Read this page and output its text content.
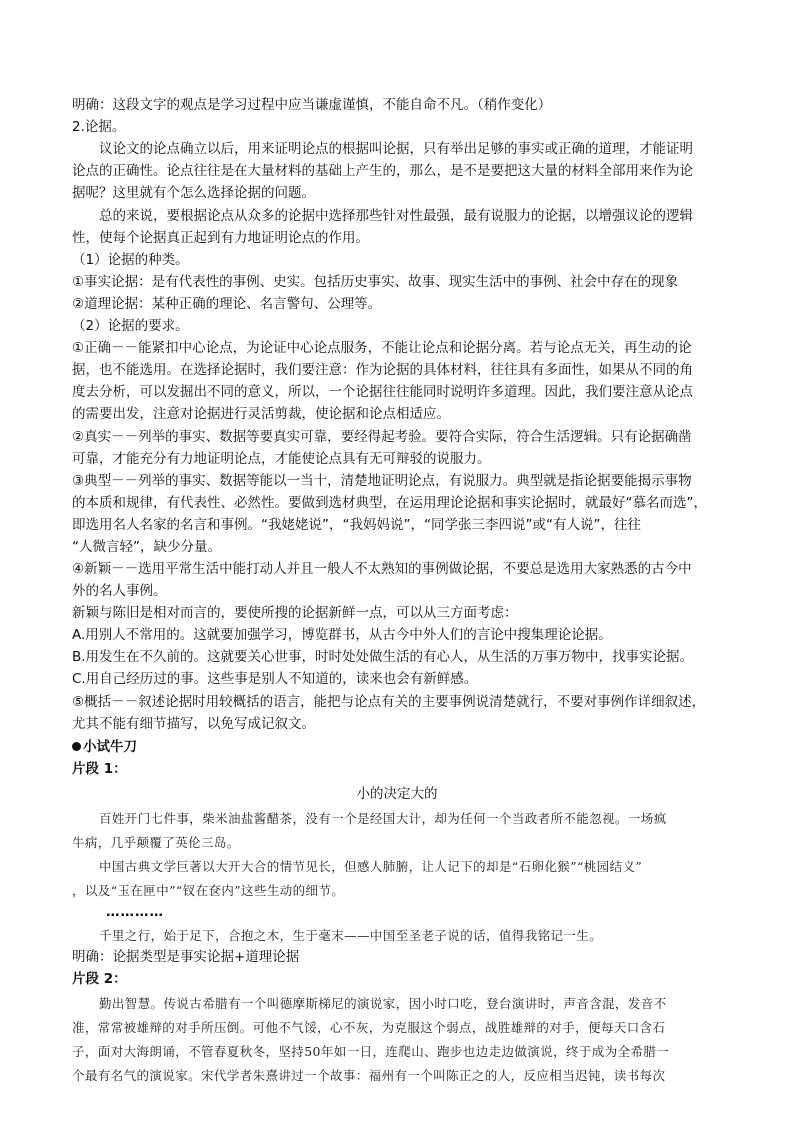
明确：这段文字的观点是学习过程中应当谦虚谨慎，不能自命不凡。（稍作变化）
2.论据。
议论文的论点确立以后，用来证明论点的根据叫论据，只有举出足够的事实或正确的道理，才能证明
论点的正确性。论点往往是在大量材料的基础上产生的，那么，是不是要把这大量的材料全部用来作为论
据呢？这里就有个怎么选择论据的问题。
总的来说，要根据论点从众多的论据中选择那些针对性最强，最有说服力的论据，以增强议论的逻辑
性，使每个论据真正起到有力地证明论点的作用。
（1）论据的种类。
①事实论据：是有代表性的事例、史实。包括历史事实、故事、现实生活中的事例、社会中存在的现象
②道理论据：某种正确的理论、名言警句、公理等。
（2）论据的要求。
①正确－－能紧扣中心论点，为论证中心论点服务，不能让论点和论据分离。若与论点无关，再生动的论
据，也不能选用。在选择论据时，我们要注意：作为论据的具体材料，往往具有多面性，如果从不同的角
度去分析，可以发掘出不同的意义，所以，一个论据往往能同时说明许多道理。因此，我们要注意从论点
的需要出发，注意对论据进行灵活剪裁，使论据和论点相适应。
②真实－－列举的事实、数据等要真实可靠，要经得起考验。要符合实际，符合生活逻辑。只有论据确凿
可靠，才能充分有力地证明论点，才能使论点具有无可辩驳的说服力。
③典型－－列举的事实、数据等能以一当十，清楚地证明论点，有说服力。典型就是指论据要能揭示事物
的本质和规律，有代表性、必然性。要做到选材典型，在运用理论论据和事实论据时，就最好“慕名而选”，
即选用名人名家的名言和事例。“我姥姥说”，“我妈妈说”，“同学张三李四说”或“有人说”，往往
“人微言轻”，缺少分量。
④新颖－－选用平常生活中能打动人并且一般人不太熟知的事例做论据，不要总是选用大家熟悉的古今中
外的名人事例。
新颖与陈旧是相对而言的，要使所搜的论据新鲜一点，可以从三方面考虑：
A.用别人不常用的。这就要加强学习，博览群书，从古今中外人们的言论中搜集理论论据。
B.用发生在不久前的。这就要关心世事，时时处处做生活的有心人，从生活的万事万物中，找事实论据。
C.用自己经历过的事。这些事是别人不知道的，读来也会有新鲜感。
⑤概括－－叙述论据时用较概括的语言，能把与论点有关的主要事例说清楚就行，不要对事例作详细叙述，
尤其不能有细节描写，以免写成记叙文。
小试牛刀
片段 1：
小的决定大的
百姓开门七件事，柴米油盐酱醋茶，没有一个是经国大计，却为任何一个当政者所不能忽视。一场疯
牛病，几乎颠覆了英伦三岛。
中国古典文学巨著以大开大合的情节见长，但感人肺腑，让人记下的却是“石卵化猴”“桃园结义”
，以及“玉在匣中”“钗在奁内”这些生动的细节。
…………
千里之行，始于足下，合抱之木，生于毫末——中国至圣老子说的话，值得我铭记一生。
明确：论据类型是事实论据+道理论据
片段 2：
勤出智慧。传说古希腊有一个叫德摩斯梯尼的演说家，因小时口吃，登台演讲时，声音含混，发音不
准，常常被雄辩的对手所压倒。可他不气馁，心不灰，为克服这个弱点，战胜雄辩的对手，便每天口含石
子，面对大海朗诵，不管春夏秋冬，坚持50年如一日，连爬山、跑步也边走边做演说，终于成为全希腊一
个最有名气的演说家。宋代学者朱熹讲过一个故事：福州有一个叫陈正之的人，反应相当迟钝，读书每次
